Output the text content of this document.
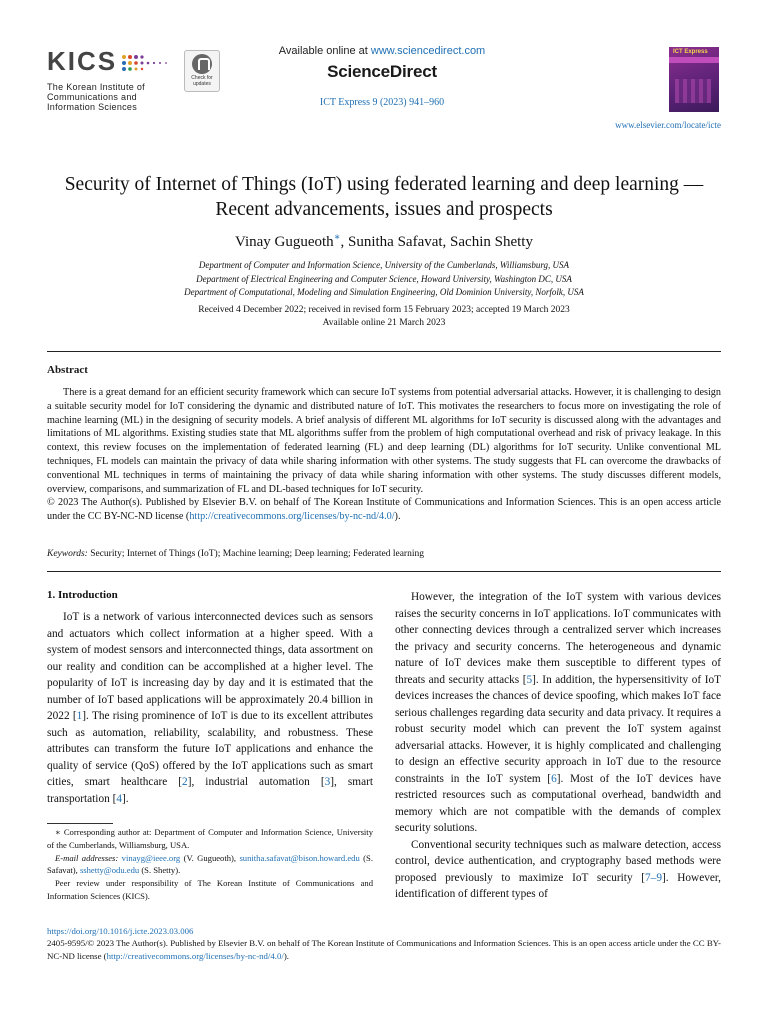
KICS
The Korean Institute of
Communications and
Information Sciences
Check for
updates
Available online at www.sciencedirect.com
ScienceDirect
ICT Express 9 (2023) 941–960
ICT Express
www.elsevier.com/locate/icte
Security of Internet of Things (IoT) using federated learning and deep learning — Recent advancements, issues and prospects
Vinay Gugueoth∗, Sunitha Safavat, Sachin Shetty
Department of Computer and Information Science, University of the Cumberlands, Williamsburg, USA
Department of Electrical Engineering and Computer Science, Howard University, Washington DC, USA
Department of Computational, Modeling and Simulation Engineering, Old Dominion University, Norfolk, USA
Received 4 December 2022; received in revised form 15 February 2023; accepted 19 March 2023
Available online 21 March 2023
Abstract
There is a great demand for an efficient security framework which can secure IoT systems from potential adversarial attacks. However, it is challenging to design a suitable security model for IoT considering the dynamic and distributed nature of IoT. This motivates the researchers to focus more on investigating the role of machine learning (ML) in the designing of security models. A brief analysis of different ML algorithms for IoT security is discussed along with the advantages and limitations of ML algorithms. Existing studies state that ML algorithms suffer from the problem of high computational overhead and risk of privacy leakage. In this context, this review focuses on the implementation of federated learning (FL) and deep learning (DL) algorithms for IoT security. Unlike conventional ML techniques, FL models can maintain the privacy of data while sharing information with other systems. The study suggests that FL can overcome the drawbacks of conventional ML techniques in terms of maintaining the privacy of data while sharing information with other systems. The study discusses different models, overview, comparisons, and summarization of FL and DL-based techniques for IoT security.
© 2023 The Author(s). Published by Elsevier B.V. on behalf of The Korean Institute of Communications and Information Sciences. This is an open access article under the CC BY-NC-ND license (http://creativecommons.org/licenses/by-nc-nd/4.0/).
Keywords: Security; Internet of Things (IoT); Machine learning; Deep learning; Federated learning
1. Introduction
IoT is a network of various interconnected devices such as sensors and actuators which collect information at a higher speed. With a system of modest sensors and interconnected things, data assortment on our reality and condition can be accomplished at a higher level. The popularity of IoT is increasing day by day and it is estimated that the number of IoT based applications will be approximately 20.4 billion in 2022 [1]. The rising prominence of IoT is due to its excellent attributes such as automation, reliability, scalability, and robustness. These attributes can transform the future IoT applications and enhance the quality of service (QoS) offered by the IoT applications such as smart cities, smart healthcare [2], industrial automation [3], smart transportation [4].
∗ Corresponding author at: Department of Computer and Information Science, University of the Cumberlands, Williamsburg, USA.
E-mail addresses: vinayg@ieee.org (V. Gugueoth), sunitha.safavat@bison.howard.edu (S. Safavat), sshetty@odu.edu (S. Shetty).
Peer review under responsibility of The Korean Institute of Communications and Information Sciences (KICS).
However, the integration of the IoT system with various devices raises the security concerns in IoT applications. IoT communicates with other connecting devices through a centralized server which increases the privacy and security concerns. The heterogeneous and dynamic nature of IoT devices make them susceptible to different types of threats and security attacks [5]. In addition, the hypersensitivity of IoT devices increases the chances of device spoofing, which makes IoT face serious challenges regarding data security and data privacy. It requires a robust security model which can prevent the IoT system against adversarial attacks. However, it is highly complicated and challenging to design an effective security approach in IoT due to the resource constraints in the IoT system [6]. Most of the IoT devices have restricted resources such as computational overhead, bandwidth and memory which are not compatible with the demands of complex security solutions.
Conventional security techniques such as malware detection, access control, device authentication, and cryptography based methods were proposed previously to maximize IoT security [7–9]. However, identification of different types of
https://doi.org/10.1016/j.icte.2023.03.006
2405-9595/© 2023 The Author(s). Published by Elsevier B.V. on behalf of The Korean Institute of Communications and Information Sciences. This is an open access article under the CC BY-NC-ND license (http://creativecommons.org/licenses/by-nc-nd/4.0/).
